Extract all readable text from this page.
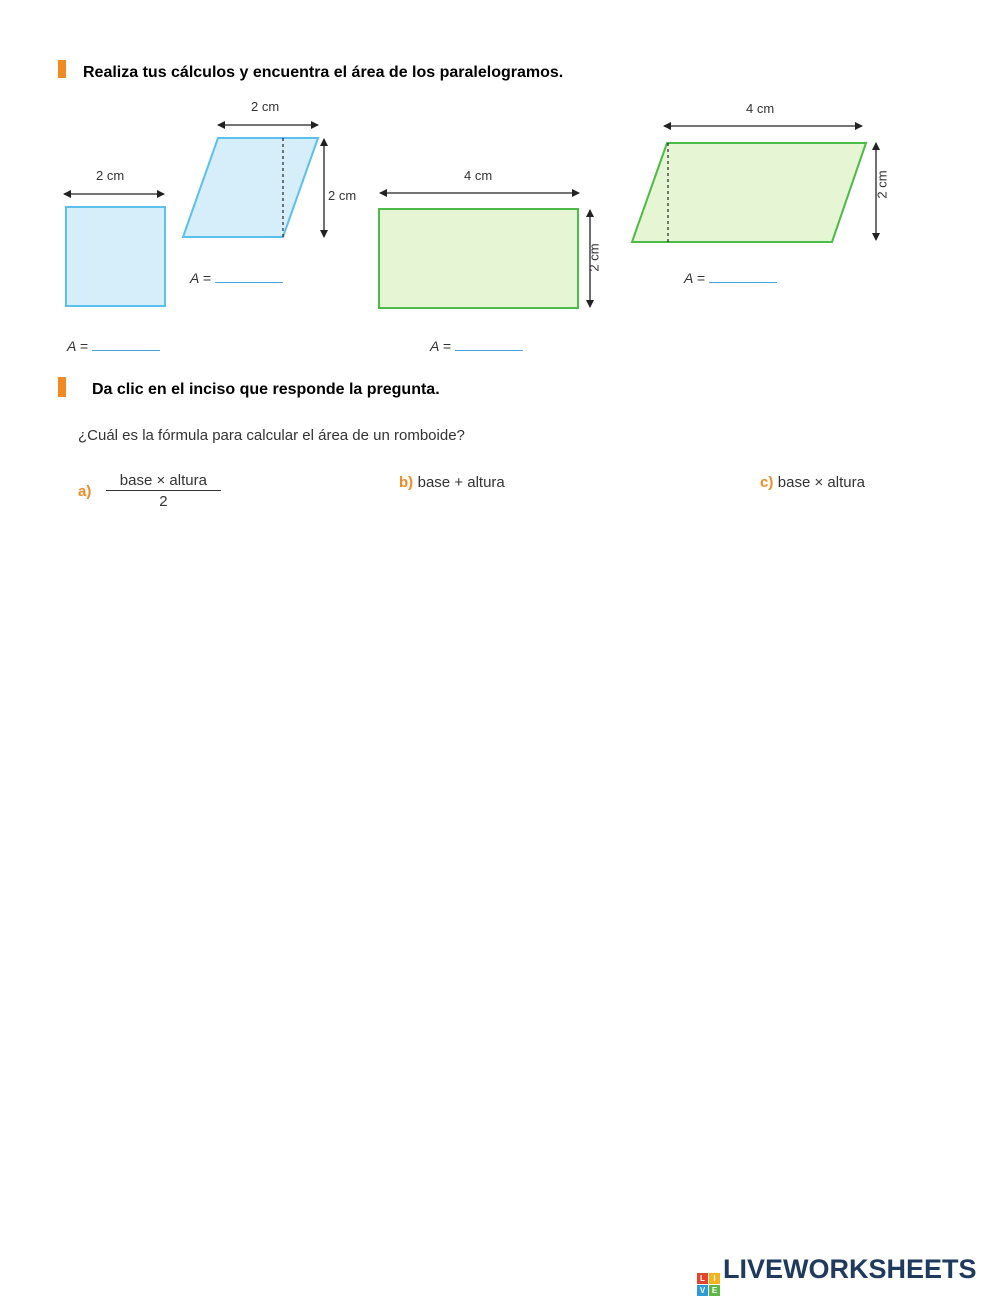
Realiza tus cálculos y encuentra el área de los paralelogramos.
2 cm
2 cm
2 cm
4 cm
2 cm
4 cm
2 cm
A =	A =
A =	A =
Da clic en el inciso que responde la pregunta.
¿Cuál es la fórmula para calcular el área de un romboide?
$a) \frac{\text{base × altura}}{2}$	b) base + altura	c) base × altura
L	I
V E
LIVEWORKSHEETS
